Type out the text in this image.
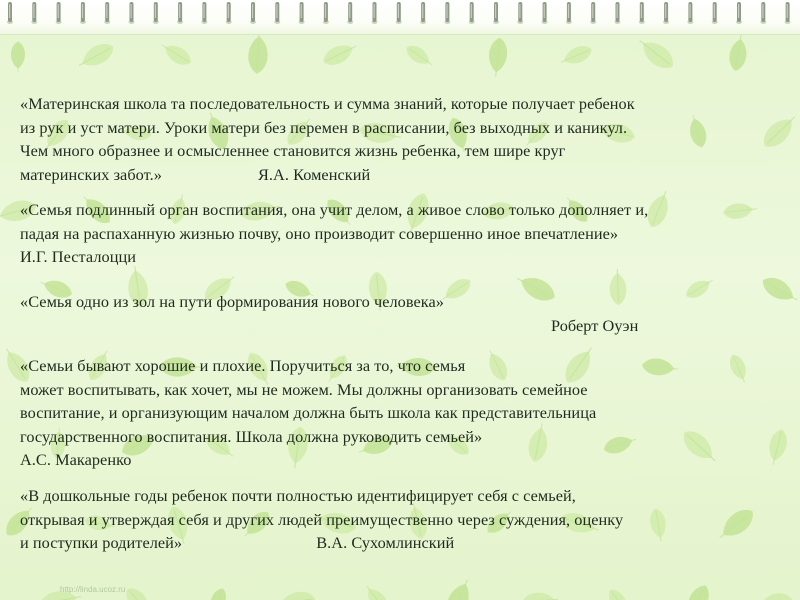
«Материнская школа та последовательность и сумма знаний, которые получает ребенок
из рук и уст матери. Уроки матери без перемен в расписании, без выходных и каникул.
Чем много образнее и осмысленнее становится жизнь ребенка, тем шире круг
материнских забот.»	Я.А. Коменский
«Семья подлинный орган воспитания, она учит делом, а живое слово только дополняет и,
падая на распаханную жизнью почву, оно производит совершенно иное впечатление»
И.Г. Песталоцци
«Семья одно из зол на пути формирования нового человека»
Роберт Оуэн
«Семьи бывают хорошие и плохие. Поручиться за то, что семья
может воспитывать, как хочет, мы не можем. Мы должны организовать семейное
воспитание, и организующим началом должна быть школа как представительница
государственного воспитания. Школа должна руководить семьей»
А.С. Макаренко
«В дошкольные годы ребенок почти полностью идентифицирует себя с семьей,
открывая и утверждая себя и других людей преимущественно через суждения, оценку
и поступки родителей»	В.А. Сухомлинский
http://linda.ucoz.ru
